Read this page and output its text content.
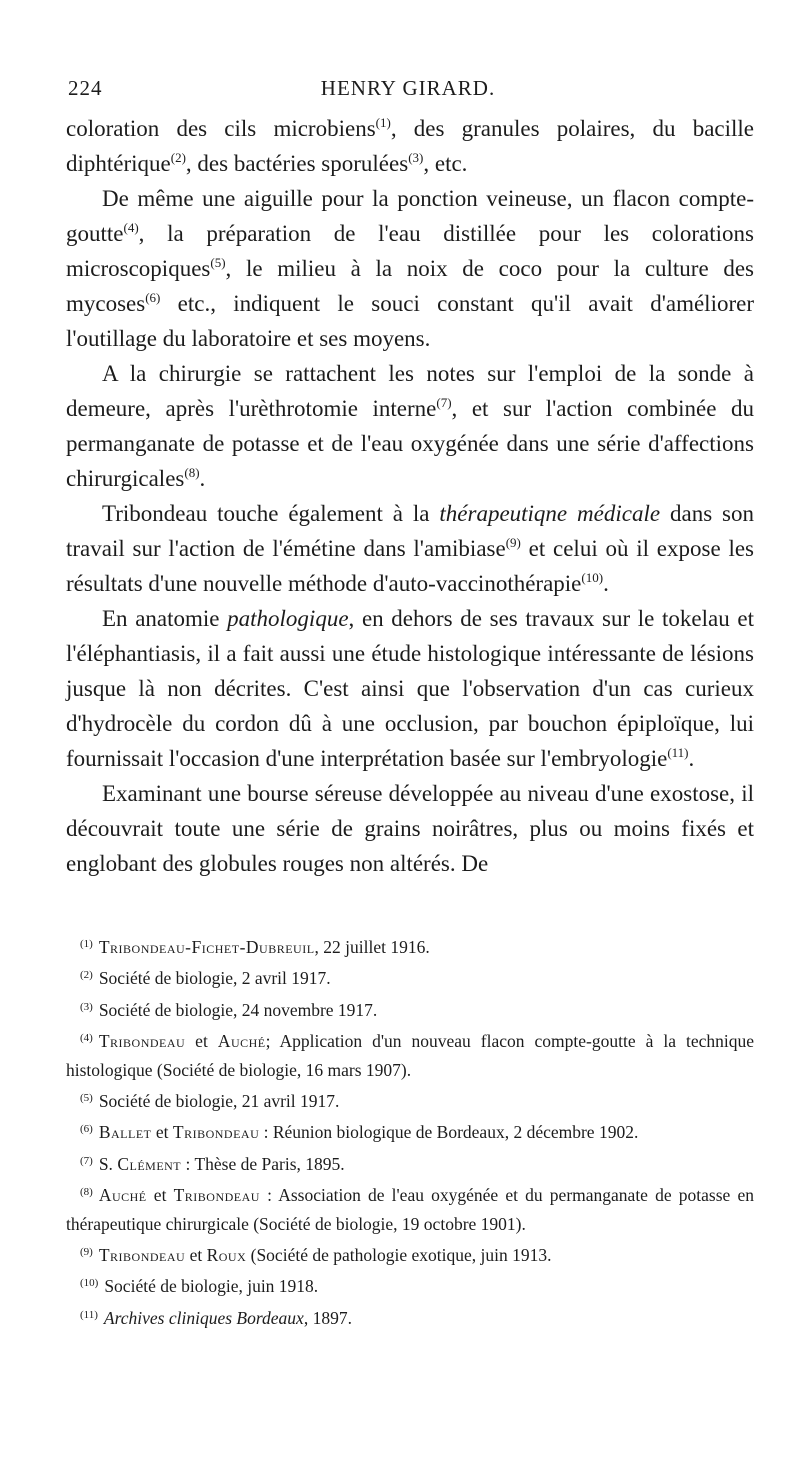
224	HENRY GIRARD.

coloration des cils microbiens$^{(1)}$, des granules polaires, du bacille diphtérique$^{(2)}$, des bactéries sporulées$^{(3)}$, etc.

De même une aiguille pour la ponction veineuse, un flacon compte-goutte$^{(4)}$, la préparation de l'eau distillée pour les colorations microscopiques$^{(5)}$, le milieu à la noix de coco pour la culture des mycoses$^{(6)}$ etc., indiquent le souci constant qu'il avait d'améliorer l'outillage du laboratoire et ses moyens.

A la chirurgie se rattachent les notes sur l'emploi de la sonde à demeure, après l'urèthrotomie interne$^{(7)}$, et sur l'action combinée du permanganate de potasse et de l'eau oxygénée dans une série d'affections chirurgicales$^{(8)}$.

Tribondeau touche également à la thérapeutiqne médicale dans son travail sur l'action de l'émétine dans l'amibiase$^{(9)}$ et celui où il expose les résultats d'une nouvelle méthode d'auto-vaccinothérapie$^{(10)}$.

En anatomie pathologique, en dehors de ses travaux sur le tokelau et l'éléphantiasis, il a fait aussi une étude histologique intéressante de lésions jusque là non décrites. C'est ainsi que l'observation d'un cas curieux d'hydrocèle du cordon dû à une occlusion, par bouchon épiploïque, lui fournissait l'occasion d'une interprétation basée sur l'embryologie$^{(11)}$.

Examinant une bourse séreuse développée au niveau d'une exostose, il découvrait toute une série de grains noirâtres, plus ou moins fixés et englobant des globules rouges non altérés. De

$^{(1)}$ Tribondeau-Fichet-Dubreuil, 22 juillet 1916.

$^{(2)}$ Société de biologie, 2 avril 1917.

$^{(3)}$ Société de biologie, 24 novembre 1917.

$^{(4)}$ Tribondeau et Auché; Application d'un nouveau flacon compte-goutte à la technique histologique (Société de biologie, 16 mars 1907).

$^{(5)}$ Société de biologie, 21 avril 1917.

$^{(6)}$ Ballet et Tribondeau : Réunion biologique de Bordeaux, 2 décembre 1902.

$^{(7)}$ S. Clément : Thèse de Paris, 1895.

$^{(8)}$ Auché et Tribondeau : Association de l'eau oxygénée et du permanganate de potasse en thérapeutique chirurgicale (Société de biologie, 19 octobre 1901).

$^{(9)}$ Tribondeau et Roux (Société de pathologie exotique, juin 1913.

$^{(10)}$ Société de biologie, juin 1918.

$^{(11)}$ Archives cliniques Bordeaux, 1897.
